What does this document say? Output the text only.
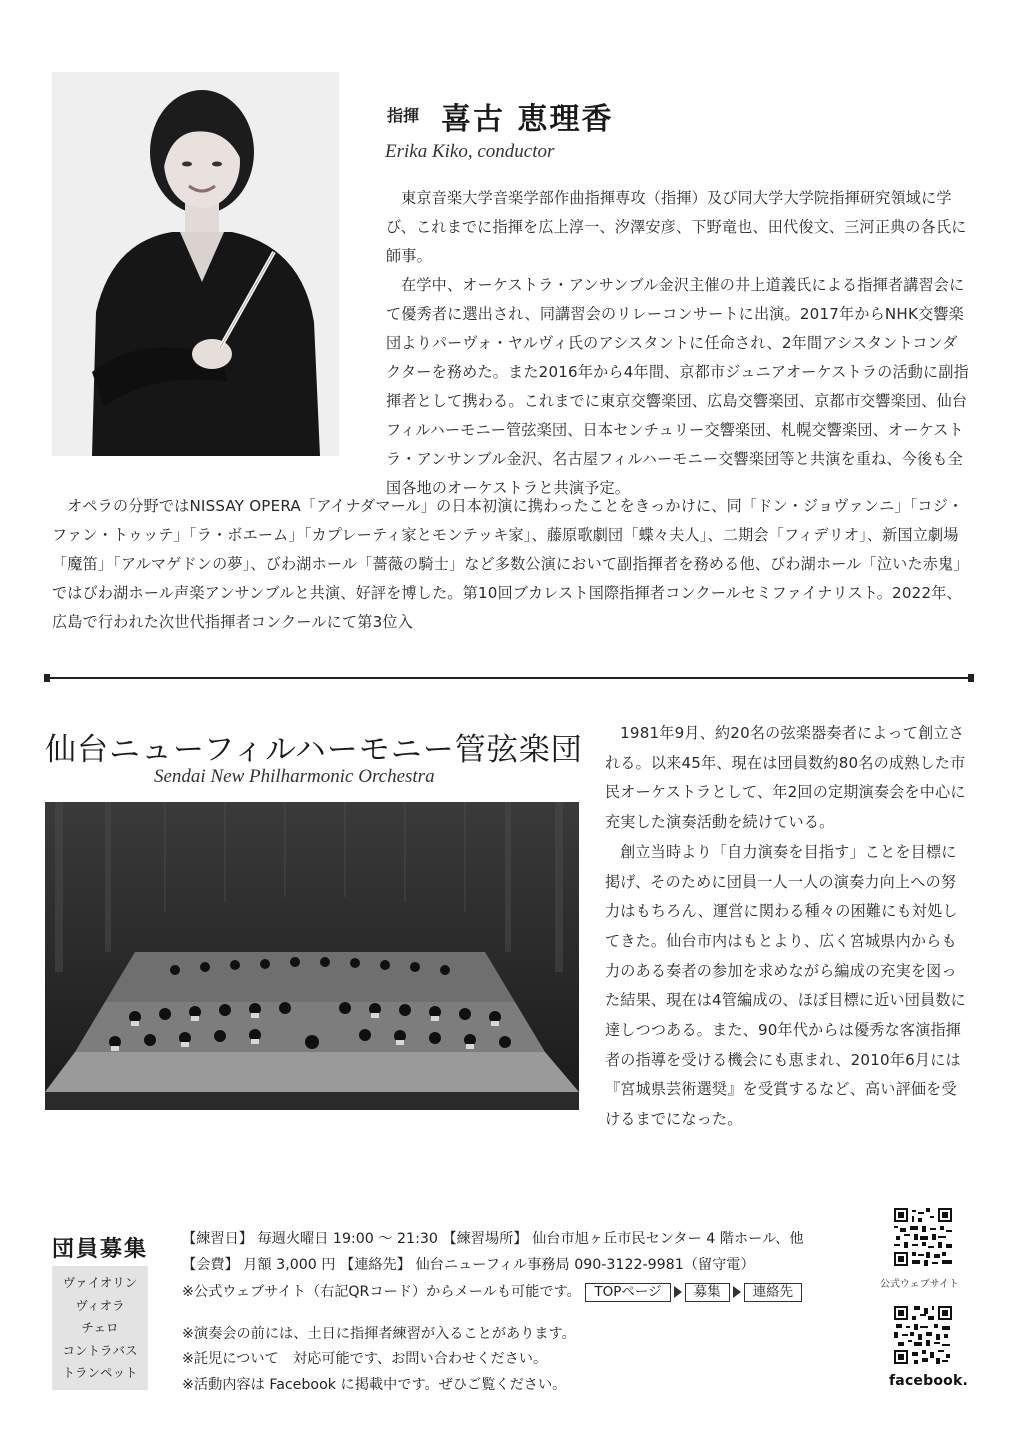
指揮 喜古 恵理香
Erika Kiko, conductor

東京音楽大学音楽学部作曲指揮専攻（指揮）及び同大学大学院指揮研究領域に学び、これまでに指揮を広上淳一、汐澤安彦、下野竜也、田代俊文、三河正典の各氏に師事。

在学中、オーケストラ・アンサンブル金沢主催の井上道義氏による指揮者講習会にて優秀者に選出され、同講習会のリレーコンサートに出演。2017年からNHK交響楽団よりパーヴォ・ヤルヴィ氏のアシスタントに任命され、2年間アシスタントコンダクターを務めた。また2016年から4年間、京都市ジュニアオーケストラの活動に副指揮者として携わる。これまでに東京交響楽団、広島交響楽団、京都市交響楽団、仙台フィルハーモニー管弦楽団、日本センチュリー交響楽団、札幌交響楽団、オーケストラ・アンサンブル金沢、名古屋フィルハーモニー交響楽団等と共演を重ね、今後も全国各地のオーケストラと共演予定。

オペラの分野ではNISSAY OPERA「アイナダマール」の日本初演に携わったことをきっかけに、同「ドン・ジョヴァンニ」「コジ・ファン・トゥッテ」「ラ・ボエーム」「カプレーティ家とモンテッキ家」、藤原歌劇団「蝶々夫人」、二期会「フィデリオ」、新国立劇場「魔笛」「アルマゲドンの夢」、びわ湖ホール「薔薇の騎士」など多数公演において副指揮者を務める他、びわ湖ホール「泣いた赤鬼」ではびわ湖ホール声楽アンサンブルと共演、好評を博した。第10回ブカレスト国際指揮者コンクールセミファイナリスト。2022年、広島で行われた次世代指揮者コンクールにて第3位入

仙台ニューフィルハーモニー管弦楽団
Sendai New Philharmonic Orchestra

1981年9月、約20名の弦楽器奏者によって創立される。以来45年、現在は団員数約80名の成熟した市民オーケストラとして、年2回の定期演奏会を中心に充実した演奏活動を続けている。

創立当時より「自力演奏を目指す」ことを目標に掲げ、そのために団員一人一人の演奏力向上への努力はもちろん、運営に関わる種々の困難にも対処してきた。仙台市内はもとより、広く宮城県内からも力のある奏者の参加を求めながら編成の充実を図った結果、現在は4管編成の、ほぼ目標に近い団員数に達しつつある。また、90年代からは優秀な客演指揮者の指導を受ける機会にも恵まれ、2010年6月には『宮城県芸術選奨』を受賞するなど、高い評価を受けるまでになった。

団員募集
ヴァイオリン
ヴィオラ
チェロ
コントラバス
トランペット
【練習日】 毎週火曜日 19:00 ～ 21:30 【練習場所】 仙台市旭ヶ丘市民センター 4 階ホール、他
【会費】 月額 3,000 円 【連絡先】 仙台ニューフィル事務局 090-3122-9981（留守電）
※公式ウェブサイト（右記QRコード）からメールも可能です。 TOPページ 募集 連絡先
※演奏会の前には、土日に指揮者練習が入ることがあります。
※託児について　対応可能です、お問い合わせください。
※活動内容は Facebook に掲載中です。ぜひご覧ください。
公式ウェブサイト
facebook.
